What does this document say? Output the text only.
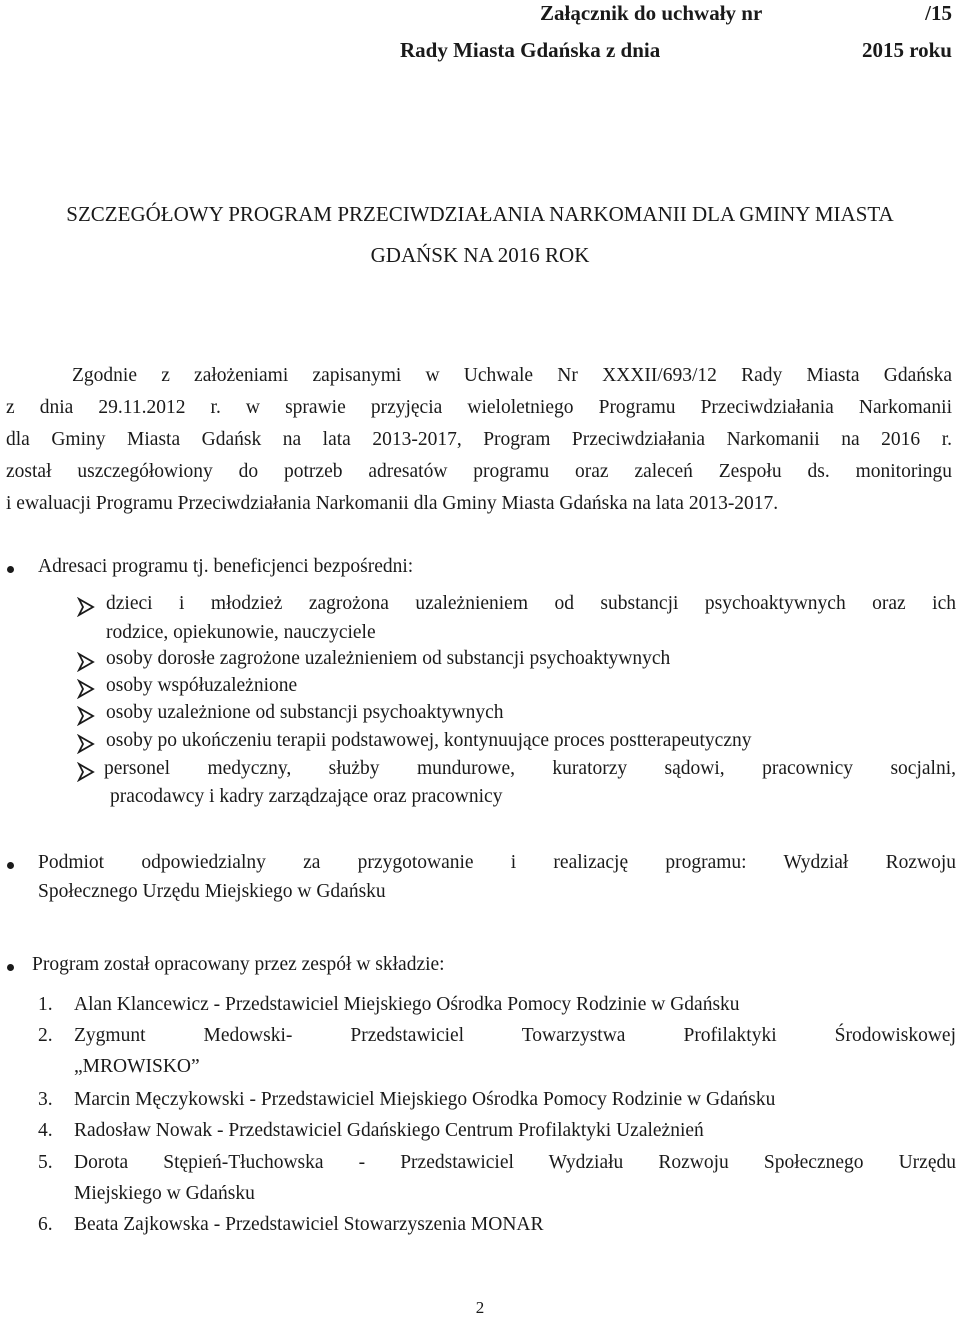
Załącznik do uchwały nr	/15
Rady Miasta Gdańska z dnia	2015 roku
SZCZEGÓŁOWY PROGRAM PRZECIWDZIAŁANIA NARKOMANII DLA GMINY MIASTA
GDAŃSK NA 2016 ROK
Zgodnie z założeniami zapisanymi w Uchwale Nr XXXII/693/12 Rady Miasta Gdańska
z dnia 29.11.2012 r. w sprawie przyjęcia wieloletniego Programu Przeciwdziałania Narkomanii
dla Gminy Miasta Gdańsk na lata 2013-2017, Program Przeciwdziałania Narkomanii na 2016 r.
został uszczegółowiony do potrzeb adresatów programu oraz zaleceń Zespołu ds. monitoringu
i ewaluacji Programu Przeciwdziałania Narkomanii dla Gminy Miasta Gdańska na lata 2013-2017.
Adresaci programu tj. beneficjenci bezpośredni:
dzieci i młodzież zagrożona uzależnieniem od substancji psychoaktywnych oraz ich
rodzice, opiekunowie, nauczyciele
osoby dorosłe zagrożone uzależnieniem od substancji psychoaktywnych
osoby współuzależnione
osoby uzależnione od substancji psychoaktywnych
osoby po ukończeniu terapii podstawowej, kontynuujące proces postterapeutyczny
personel medyczny, służby mundurowe, kuratorzy sądowi, pracownicy socjalni,
pracodawcy i kadry zarządzające oraz pracownicy
Podmiot odpowiedzialny za przygotowanie i realizację programu: Wydział Rozwoju
Społecznego Urzędu Miejskiego w Gdańsku
Program został opracowany przez zespół w składzie:
1. Alan Klancewicz - Przedstawiciel Miejskiego Ośrodka Pomocy Rodzinie w Gdańsku
2. Zygmunt Medowski- Przedstawiciel Towarzystwa Profilaktyki Środowiskowej
„MROWISKO”
3. Marcin Męczykowski - Przedstawiciel Miejskiego Ośrodka Pomocy Rodzinie w Gdańsku
4. Radosław Nowak - Przedstawiciel Gdańskiego Centrum Profilaktyki Uzależnień
5. Dorota Stępień-Tłuchowska - Przedstawiciel Wydziału Rozwoju Społecznego Urzędu
Miejskiego w Gdańsku
6. Beata Zajkowska - Przedstawiciel Stowarzyszenia MONAR
2
